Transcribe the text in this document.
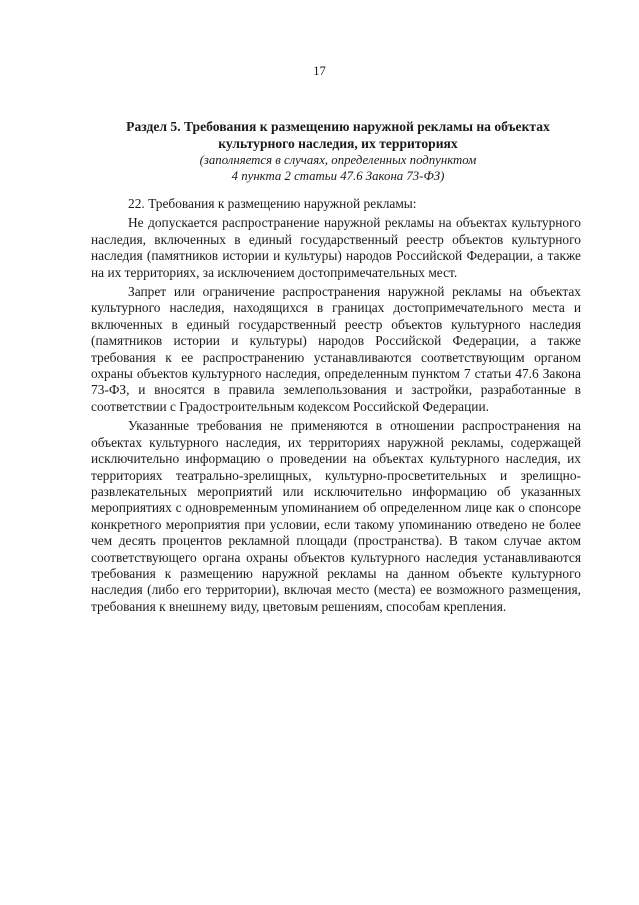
17
Раздел 5. Требования к размещению наружной рекламы на объектах
культурного наследия, их территориях
(заполняется в случаях, определенных подпунктом
4 пункта 2 статьи 47.6 Закона 73-ФЗ)

22. Требования к размещению наружной рекламы:

Не допускается распространение наружной рекламы на объектах культурного наследия, включенных в единый государственный реестр объектов культурного наследия (памятников истории и культуры) народов Российской Федерации, а также на их территориях, за исключением достопримечательных мест.

Запрет или ограничение распространения наружной рекламы на объектах культурного наследия, находящихся в границах достопримечательного места и включенных в единый государственный реестр объектов культурного наследия (памятников истории и культуры) народов Российской Федерации, а также требования к ее распространению устанавливаются соответствующим органом охраны объектов культурного наследия, определенным пунктом 7 статьи 47.6 Закона 73-ФЗ, и вносятся в правила землепользования и застройки, разработанные в соответствии с Градостроительным кодексом Российской Федерации.

Указанные требования не применяются в отношении распространения на объектах культурного наследия, их территориях наружной рекламы, содержащей исключительно информацию о проведении на объектах культурного наследия, их территориях театрально-зрелищных, культурно-просветительных и зрелищно-развлекательных мероприятий или исключительно информацию об указанных мероприятиях с одновременным упоминанием об определенном лице как о спонсоре конкретного мероприятия при условии, если такому упоминанию отведено не более чем десять процентов рекламной площади (пространства). В таком случае актом соответствующего органа охраны объектов культурного наследия устанавливаются требования к размещению наружной рекламы на данном объекте культурного наследия (либо его территории), включая место (места) ее возможного размещения, требования к внешнему виду, цветовым решениям, способам крепления.
